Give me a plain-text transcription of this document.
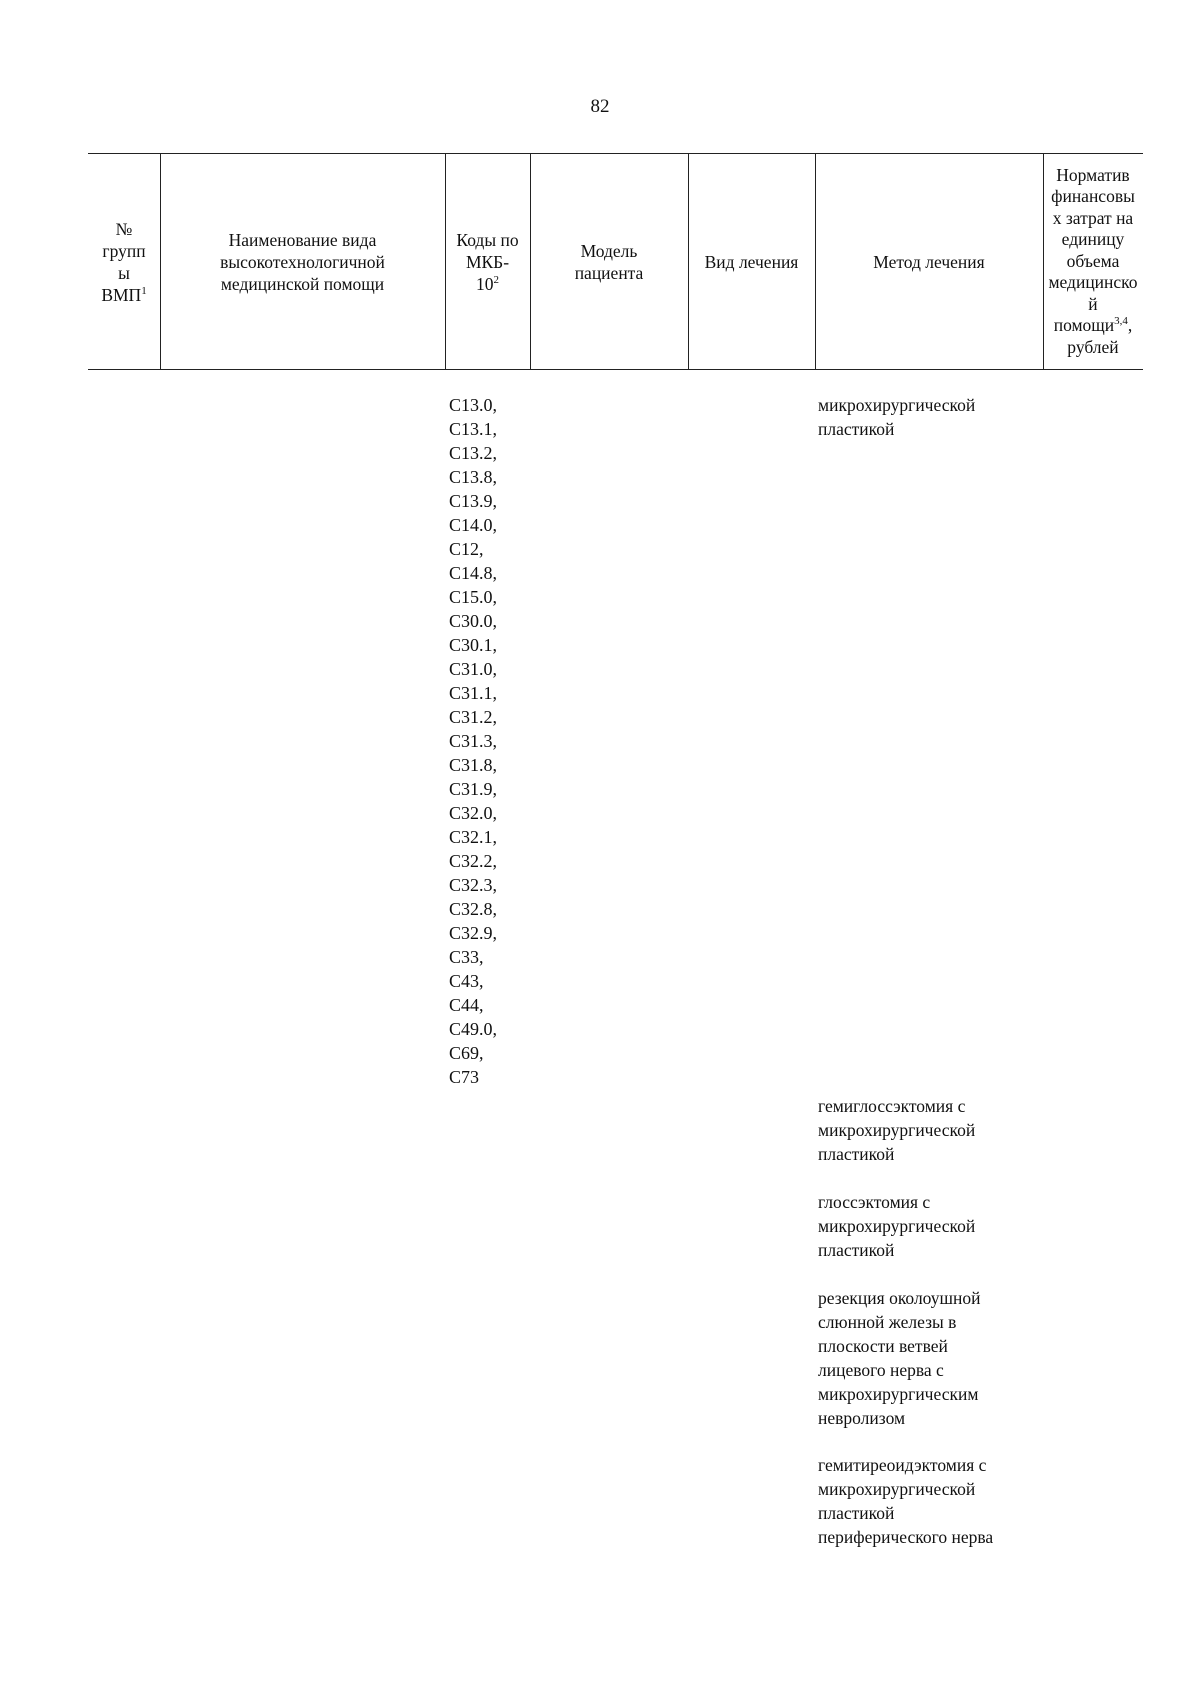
82
№
групп
ы
ВМП$^1$
Наименование вида
высокотехнологичной
медицинской помощи
Коды по
МКБ-
$10^2$
Модель
пациента
Вид лечения	Метод лечения
Норматив
финансовы
х затрат на
единицу
объема
медицинско
й
помощи$^{3,4}$,
рублей
C13.0,
C13.1,
C13.2,
C13.8,
C13.9,
C14.0,
C12,
C14.8,
C15.0,
C30.0,
C30.1,
C31.0,
C31.1,
C31.2,
C31.3,
C31.8,
C31.9,
C32.0,
C32.1,
C32.2,
C32.3,
C32.8,
C32.9,
C33,
C43,
C44,
C49.0,
C69,
C73
микрохирургической
пластикой
гемиглоссэктомия с
микрохирургической
пластикой
глоссэктомия с
микрохирургической
пластикой
резекция околоушной
слюнной железы в
плоскости ветвей
лицевого нерва с
микрохирургическим
невролизом
гемитиреоидэктомия с
микрохирургической
пластикой
периферического нерва
